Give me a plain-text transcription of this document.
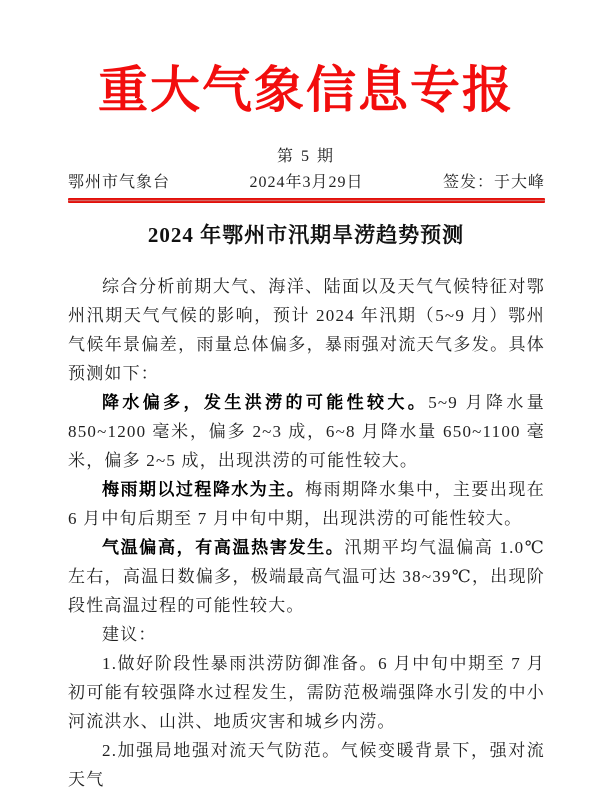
重大气象信息专报
第 5 期
鄂州市气象台	2024年3月29日	签发：于大峰
2024 年鄂州市汛期旱涝趋势预测

综合分析前期大气、海洋、陆面以及天气气候特征对鄂州汛期天气气候的影响，预计 2024 年汛期（5~9 月）鄂州气候年景偏差，雨量总体偏多，暴雨强对流天气多发。具体预测如下：

降水偏多，发生洪涝的可能性较大。5~9 月降水量 850~1200 毫米，偏多 2~3 成，6~8 月降水量 650~1100 毫米，偏多 2~5 成，出现洪涝的可能性较大。

梅雨期以过程降水为主。梅雨期降水集中，主要出现在 6 月中旬后期至 7 月中旬中期，出现洪涝的可能性较大。

气温偏高，有高温热害发生。汛期平均气温偏高 1.0℃左右，高温日数偏多，极端最高气温可达 38~39℃，出现阶段性高温过程的可能性较大。

建议：

1.做好阶段性暴雨洪涝防御准备。6 月中旬中期至 7 月初可能有较强降水过程发生，需防范极端强降水引发的中小河流洪水、山洪、地质灾害和城乡内涝。

2.加强局地强对流天气防范。气候变暖背景下，强对流天气
